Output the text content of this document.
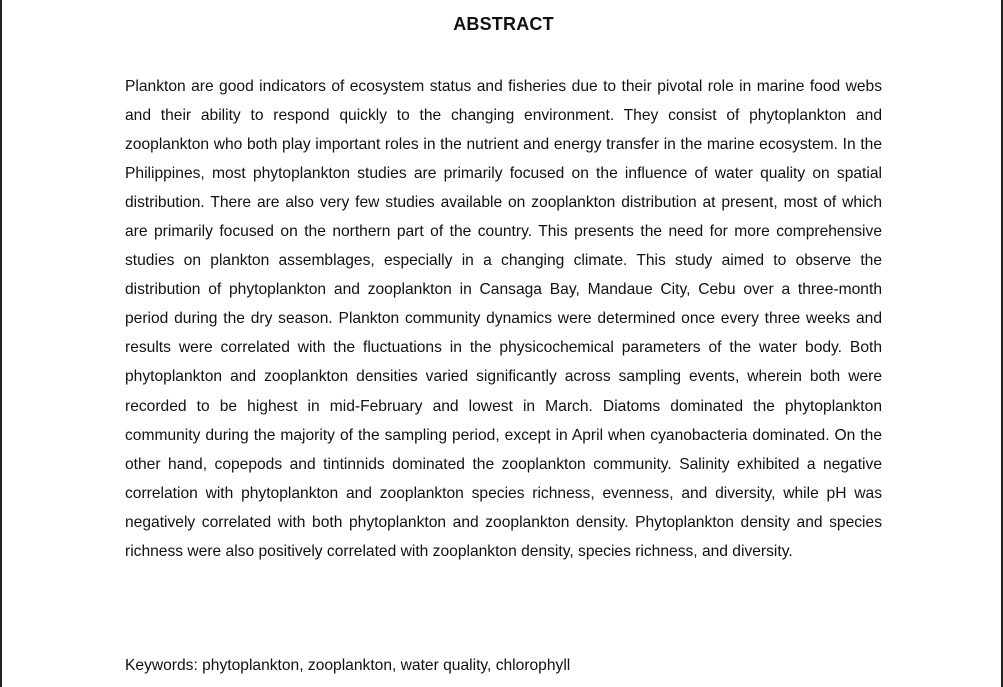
ABSTRACT

Plankton are good indicators of ecosystem status and fisheries due to their pivotal role in marine food webs and their ability to respond quickly to the changing environment. They consist of phytoplankton and zooplankton who both play important roles in the nutrient and energy transfer in the marine ecosystem. In the Philippines, most phytoplankton studies are primarily focused on the influence of water quality on spatial distribution. There are also very few studies available on zooplankton distribution at present, most of which are primarily focused on the northern part of the country. This presents the need for more comprehensive studies on plankton assemblages, especially in a changing climate. This study aimed to observe the distribution of phytoplankton and zooplankton in Cansaga Bay, Mandaue City, Cebu over a three-month period during the dry season. Plankton community dynamics were determined once every three weeks and results were correlated with the fluctuations in the physicochemical parameters of the water body. Both phytoplankton and zooplankton densities varied significantly across sampling events, wherein both were recorded to be highest in mid-February and lowest in March. Diatoms dominated the phytoplankton community during the majority of the sampling period, except in April when cyanobacteria dominated. On the other hand, copepods and tintinnids dominated the zooplankton community. Salinity exhibited a negative correlation with phytoplankton and zooplankton species richness, evenness, and diversity, while pH was negatively correlated with both phytoplankton and zooplankton density. Phytoplankton density and species richness were also positively correlated with zooplankton density, species richness, and diversity.

Keywords: phytoplankton, zooplankton, water quality, chlorophyll
